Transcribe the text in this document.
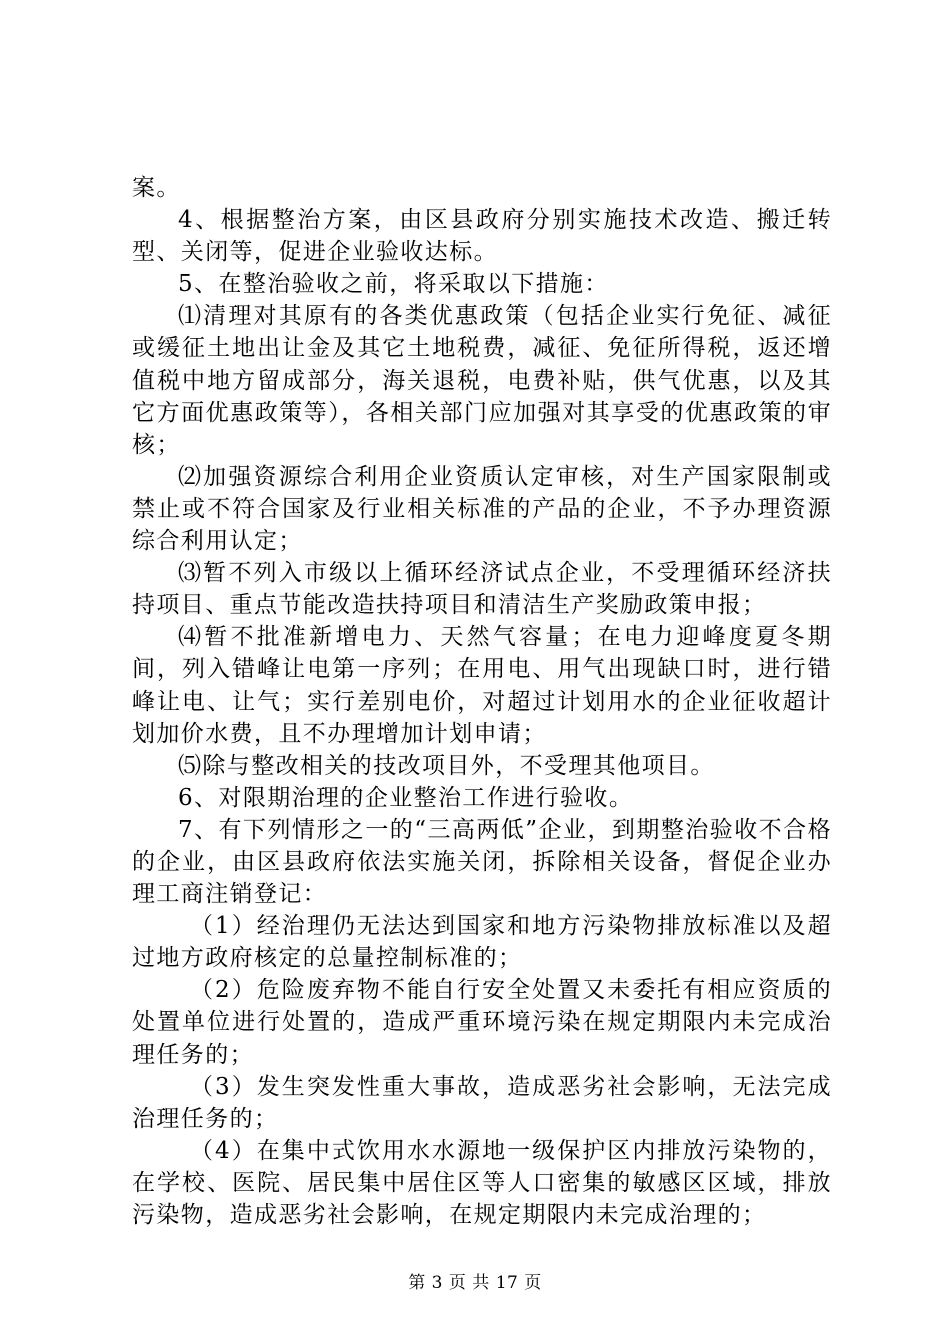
案。

4、根据整治方案，由区县政府分别实施技术改造、搬迁转型、关闭等，促进企业验收达标。

5、在整治验收之前，将采取以下措施：

⑴清理对其原有的各类优惠政策（包括企业实行免征、减征或缓征土地出让金及其它土地税费，减征、免征所得税，返还增值税中地方留成部分，海关退税，电费补贴，供气优惠，以及其它方面优惠政策等），各相关部门应加强对其享受的优惠政策的审核；

⑵加强资源综合利用企业资质认定审核，对生产国家限制或禁止或不符合国家及行业相关标准的产品的企业，不予办理资源综合利用认定；

⑶暂不列入市级以上循环经济试点企业，不受理循环经济扶持项目、重点节能改造扶持项目和清洁生产奖励政策申报；

⑷暂不批准新增电力、天然气容量；在电力迎峰度夏冬期间，列入错峰让电第一序列；在用电、用气出现缺口时，进行错峰让电、让气；实行差别电价，对超过计划用水的企业征收超计划加价水费，且不办理增加计划申请；

⑸除与整改相关的技改项目外，不受理其他项目。

6、对限期治理的企业整治工作进行验收。

7、有下列情形之一的“三高两低”企业，到期整治验收不合格的企业，由区县政府依法实施关闭，拆除相关设备，督促企业办理工商注销登记：

（1）经治理仍无法达到国家和地方污染物排放标准以及超过地方政府核定的总量控制标准的；

（2）危险废弃物不能自行安全处置又未委托有相应资质的处置单位进行处置的，造成严重环境污染在规定期限内未完成治理任务的；

（3）发生突发性重大事故，造成恶劣社会影响，无法完成治理任务的；

（4）在集中式饮用水水源地一级保护区内排放污染物的，在学校、医院、居民集中居住区等人口密集的敏感区区域，排放污染物，造成恶劣社会影响，在规定期限内未完成治理的；

第 3 页 共 17 页
